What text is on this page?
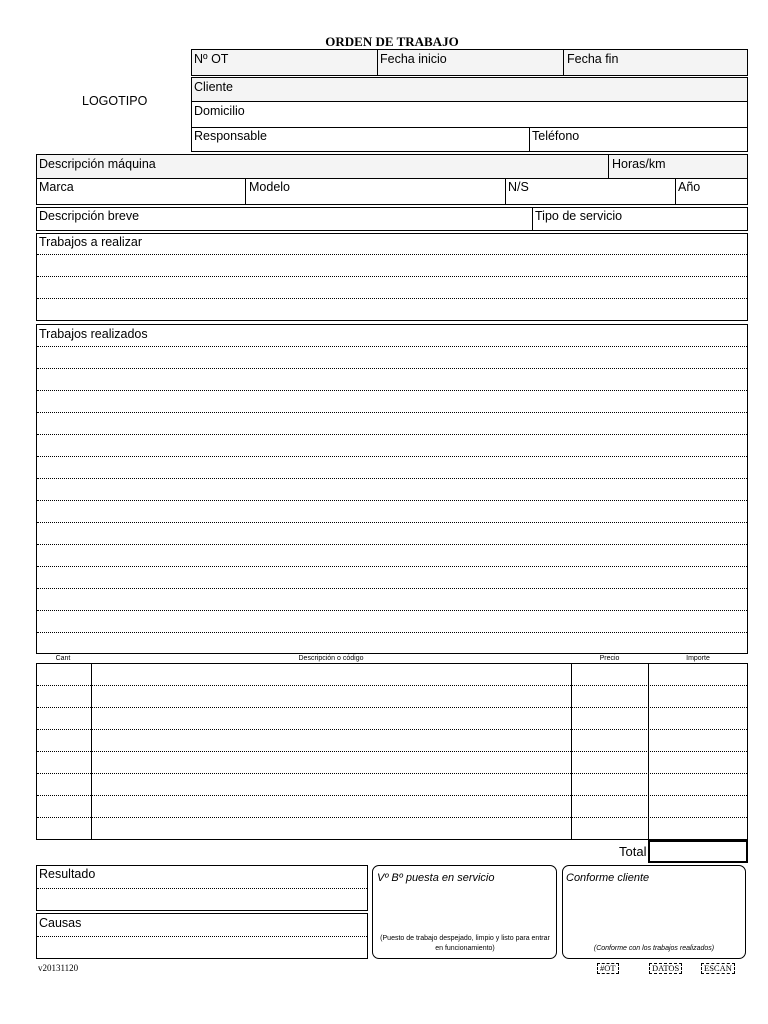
ORDEN DE TRABAJO
LOGOTIPO
Nº OT	Fecha inicio	Fecha fin
Cliente
Domicilio
Responsable	Teléfono
Descripción máquina	Horas/km
Marca	Modelo	N/S	Año
Descripción breve	Tipo de servicio
Trabajos a realizar
Trabajos realizados
Cant	Descripción o código	Precio	Importe
Total
Resultado
Causas
Vº Bº puesta en servicio
(Puesto de trabajo despejado, limpio y listo para entrar en funcionamiento)
Conforme cliente
(Conforme con los trabajos realizados)
v20131120	#OT	DATOS	ESCAN
